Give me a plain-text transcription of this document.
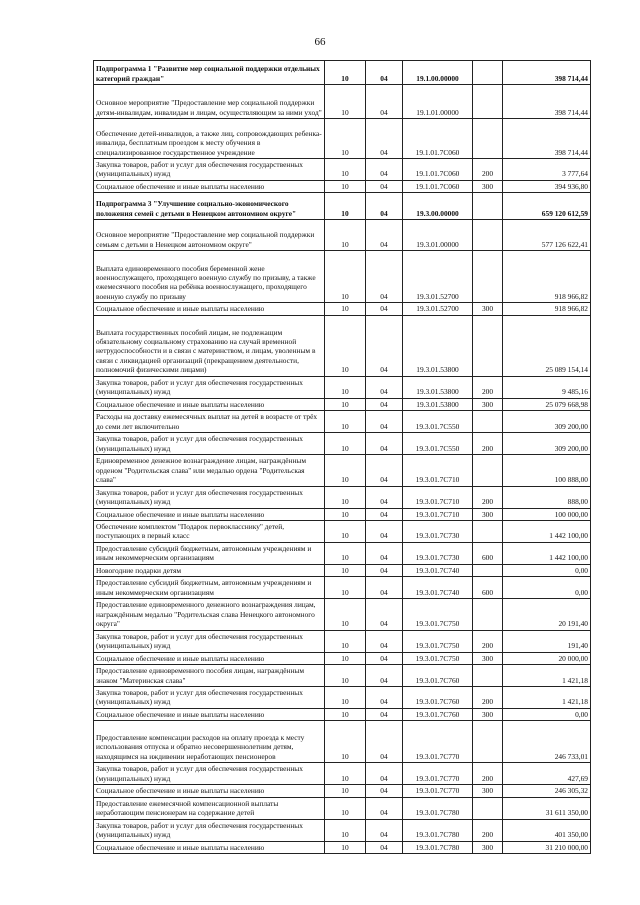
66
Подпрограмма 1 "Развитие мер социальной поддержки отдельных категорий граждан"	10	04	19.1.00.00000		398 714,44
Основное мероприятие "Предоставление мер социальной поддержки детям-инвалидам, инвалидам и лицам, осуществляющим за ними уход"	10	04	19.1.01.00000		398 714,44
Обеспечение детей-инвалидов, а также лиц, сопровождающих ребенка-инвалида, бесплатным проездом к месту обучения в специализированное государственное учреждение	10	04	19.1.01.7С060		398 714,44
Закупка товаров, работ и услуг для обеспечения государственных (муниципальных) нужд	10	04	19.1.01.7С060	200	3 777,64
Социальное обеспечение и иные выплаты населению	10	04	19.1.01.7С060	300	394 936,80
Подпрограмма 3 "Улучшение социально-экономического положения семей с детьми в Ненецком автономном округе"	10	04	19.3.00.00000		659 120 612,59
Основное мероприятие "Предоставление мер социальной поддержки семьям с детьми в Ненецком автономном округе"	10	04	19.3.01.00000		577 126 622,41
Выплата единовременного пособия беременной жене военнослужащего, проходящего военную службу по призыву, а также ежемесячного пособия на ребёнка военнослужащего, проходящего военную службу по призыву	10	04	19.3.01.52700		918 966,82
Социальное обеспечение и иные выплаты населению	10	04	19.3.01.52700	300	918 966,82
Выплата государственных пособий лицам, не подлежащим обязательному социальному страхованию на случай временной нетрудоспособности и в связи с материнством, и лицам, уволенным в связи с ликвидацией организаций (прекращением деятельности, полномочий физическими лицами)	10	04	19.3.01.53800		25 089 154,14
Закупка товаров, работ и услуг для обеспечения государственных (муниципальных) нужд	10	04	19.3.01.53800	200	9 485,16
Социальное обеспечение и иные выплаты населению	10	04	19.3.01.53800	300	25 079 668,98
Расходы на доставку ежемесячных выплат на детей в возрасте от трёх до семи лет включительно	10	04	19.3.01.7С550		309 200,00
Закупка товаров, работ и услуг для обеспечения государственных (муниципальных) нужд	10	04	19.3.01.7С550	200	309 200,00
Единовременное денежное вознаграждение лицам, награждённым орденом "Родительская слава" или медалью ордена "Родительская слава"	10	04	19.3.01.7С710		100 888,00
Закупка товаров, работ и услуг для обеспечения государственных (муниципальных) нужд	10	04	19.3.01.7С710	200	888,00
Социальное обеспечение и иные выплаты населению	10	04	19.3.01.7С710	300	100 000,00
Обеспечение комплектом "Подарок первокласснику" детей, поступающих в первый класс	10	04	19.3.01.7С730		1 442 100,00
Предоставление субсидий бюджетным, автономным учреждениям и иным некоммерческим организациям	10	04	19.3.01.7С730	600	1 442 100,00
Новогодние подарки детям	10	04	19.3.01.7С740		0,00
Предоставление субсидий бюджетным, автономным учреждениям и иным некоммерческим организациям	10	04	19.3.01.7С740	600	0,00
Предоставление единовременного денежного вознаграждения лицам, награждённым медалью "Родительская слава Ненецкого автономного округа"	10	04	19.3.01.7С750		20 191,40
Закупка товаров, работ и услуг для обеспечения государственных (муниципальных) нужд	10	04	19.3.01.7С750	200	191,40
Социальное обеспечение и иные выплаты населению	10	04	19.3.01.7С750	300	20 000,00
Предоставление единовременного пособия лицам, награждённым знаком "Материнская слава"	10	04	19.3.01.7С760		1 421,18
Закупка товаров, работ и услуг для обеспечения государственных (муниципальных) нужд	10	04	19.3.01.7С760	200	1 421,18
Социальное обеспечение и иные выплаты населению	10	04	19.3.01.7С760	300	0,00
Предоставление компенсации расходов на оплату проезда к месту использования отпуска и обратно несовершеннолетним детям, находящимся на иждивении неработающих пенсионеров	10	04	19.3.01.7С770		246 733,01
Закупка товаров, работ и услуг для обеспечения государственных (муниципальных) нужд	10	04	19.3.01.7С770	200	427,69
Социальное обеспечение и иные выплаты населению	10	04	19.3.01.7С770	300	246 305,32
Предоставление ежемесячной компенсационной выплаты неработающим пенсионерам на содержание детей	10	04	19.3.01.7С780		31 611 350,00
Закупка товаров, работ и услуг для обеспечения государственных (муниципальных) нужд	10	04	19.3.01.7С780	200	401 350,00
Социальное обеспечение и иные выплаты населению	10	04	19.3.01.7С780	300	31 210 000,00
